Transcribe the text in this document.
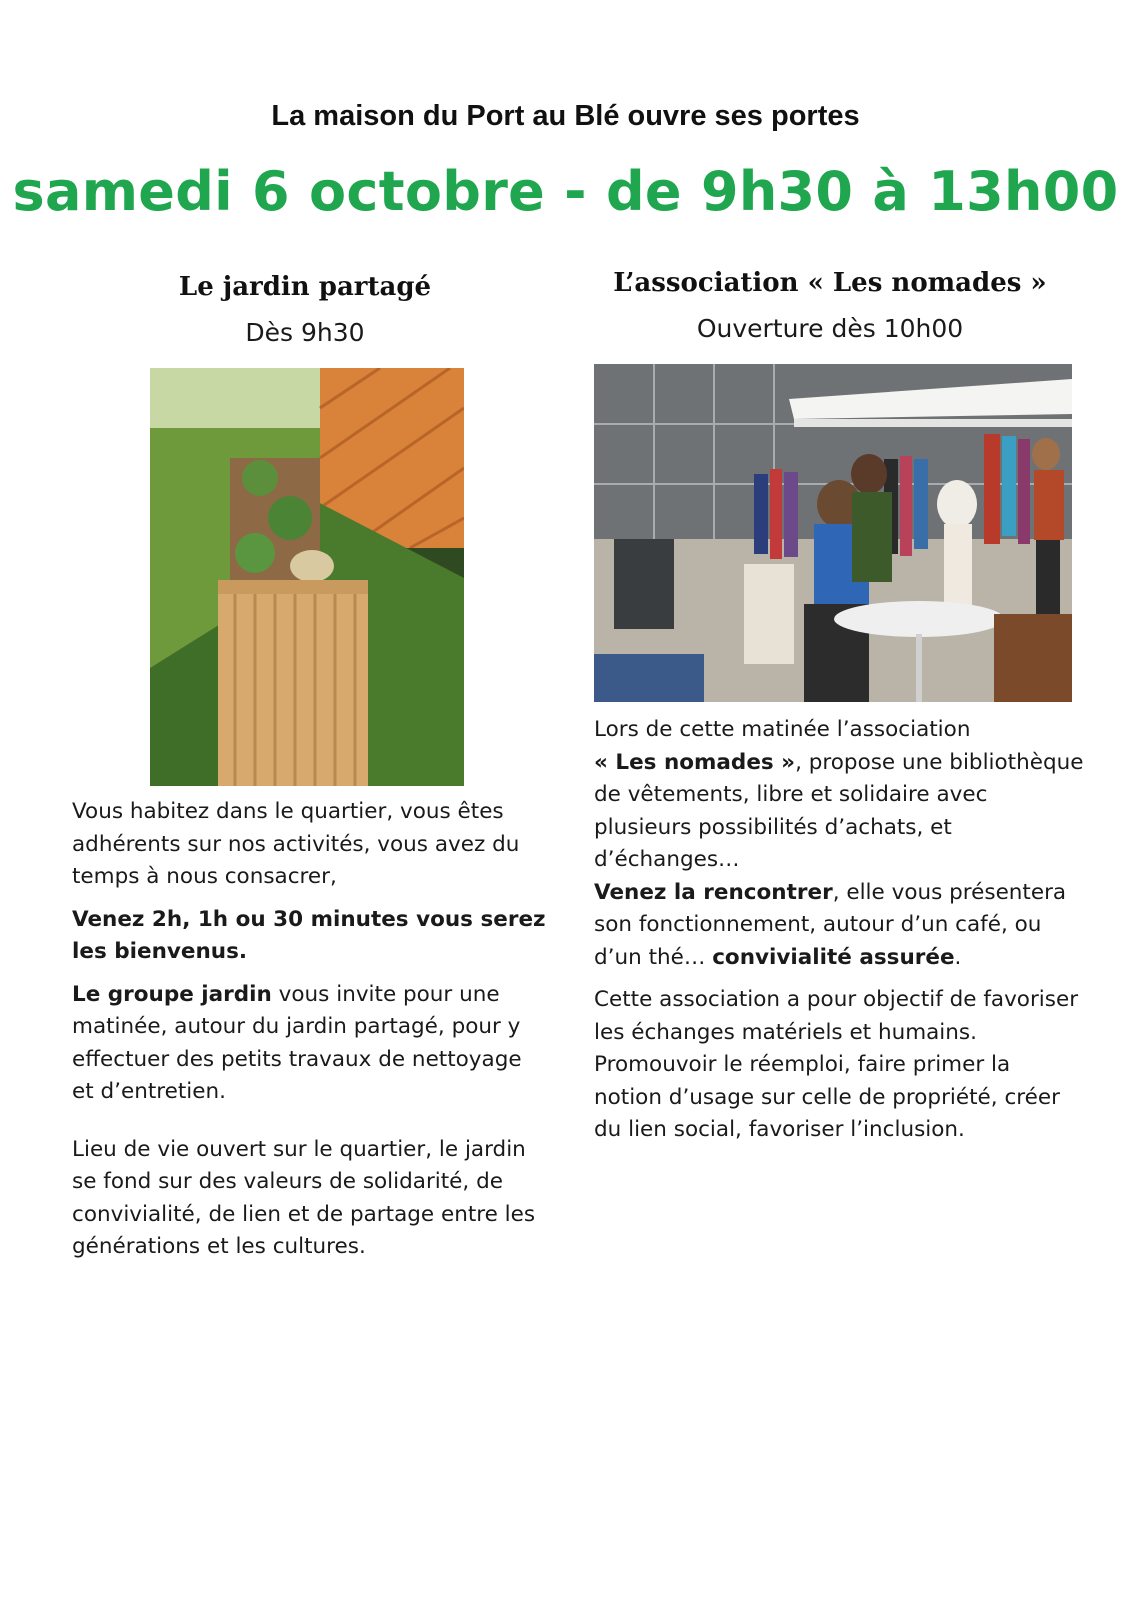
La maison du Port au Blé ouvre ses portes
samedi 6 octobre - de 9h30 à 13h00
Le jardin partagé
Dès 9h30

Vous habitez dans le quartier, vous êtes adhérents sur nos activités, vous avez du temps à nous consacrer,

Venez 2h, 1h ou 30 minutes vous serez les bienvenus.

Le groupe jardin vous invite pour une matinée, autour du jardin partagé, pour y effectuer des petits travaux de nettoyage et d’entretien.

Lieu de vie ouvert sur le quartier, le jardin se fond sur des valeurs de solidarité, de convivialité, de lien et de partage entre les générations et les cultures.

L’association « Les nomades »
Ouverture dès 10h00

Lors de cette matinée l’association
« Les nomades », propose une bibliothèque de vêtements, libre et solidaire avec plusieurs possibilités d’achats, et d’échanges…

Venez la rencontrer, elle vous présentera son fonctionnement, autour d’un café, ou d’un thé… convivialité assurée.

Cette association a pour objectif de favoriser les échanges matériels et humains. Promouvoir le réemploi, faire primer la notion d’usage sur celle de propriété, créer du lien social, favoriser l’inclusion.
